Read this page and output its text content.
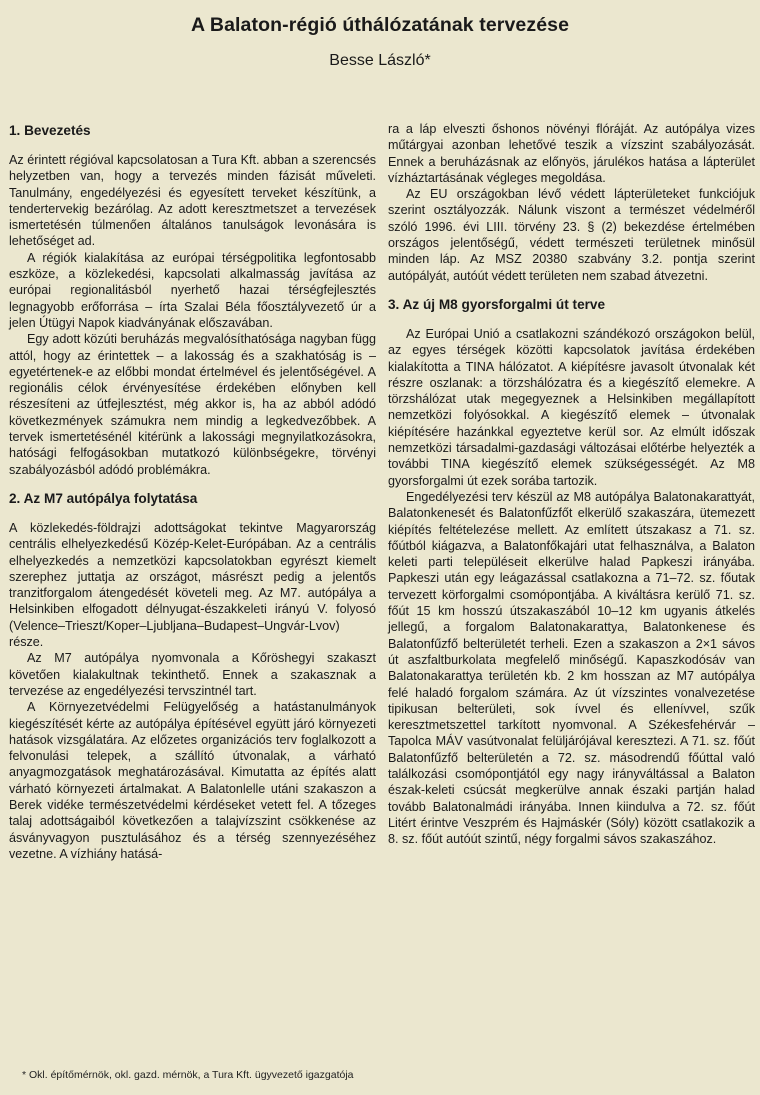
A Balaton-régió úthálózatának tervezése
Besse László*
1. Bevezetés

Az érintett régióval kapcsolatosan a Tura Kft. abban a szerencsés helyzetben van, hogy a tervezés minden fázisát műveleti. Tanulmány, engedélyezési és egyesített terveket készítünk, a tendertervekig bezárólag. Az adott keresztmetszet a tervezések ismertetésén túlmenően általános tanulságok levonására is lehetőséget ad.

A régiók kialakítása az európai térségpolitika legfontosabb eszköze, a közlekedési, kapcsolati alkalmasság javítása az európai regionalitásból nyerhető hazai térségfejlesztés legnagyobb erőforrása – írta Szalai Béla főosztályvezető úr a jelen Útügyi Napok kiadványának előszavában.

Egy adott közúti beruházás megvalósíthatósága nagyban függ attól, hogy az érintettek – a lakosság és a szakhatóság is – egyetértenek-e az előbbi mondat értelmével és jelentőségével. A regionális célok érvényesítése érdekében előnyben kell részesíteni az útfejlesztést, még akkor is, ha az abból adódó következmények számukra nem mindig a legkedvezőbbek. A tervek ismertetésénél kitérünk a lakossági megnyilatkozásokra, hatósági felfogásokban mutatkozó különbségekre, törvényi szabályozásból adódó problémákra.

2. Az M7 autópálya folytatása

A közlekedés-földrajzi adottságokat tekintve Magyarország centrális elhelyezkedésű Közép-Kelet-Európában. Az a centrális elhelyezkedés a nemzetközi kapcsolatokban egyrészt kiemelt szerephez juttatja az országot, másrészt pedig a jelentős tranzitforgalom átengedését követeli meg. Az M7. autópálya a Helsinkiben elfogadott délnyugat-északkeleti irányú V. folyosó (Velence–Trieszt/Koper–Ljubljana–Budapest–Ungvár-Lvov) része.

Az M7 autópálya nyomvonala a Kőröshegyi szakaszt követően kialakultnak tekinthető. Ennek a szakasznak a tervezése az engedélyezési tervszintnél tart.

A Környezetvédelmi Felügyelőség a hatástanulmányok kiegészítését kérte az autópálya építésével együtt járó környezeti hatások vizsgálatára. Az előzetes organizációs terv foglalkozott a felvonulási telepek, a szállító útvonalak, a várható anyagmozgatások meghatározásával. Kimutatta az építés alatt várható környezeti ártalmakat. A Balatonlelle utáni szakaszon a Berek vidéke természetvédelmi kérdéseket vetett fel. A tőzeges talaj adottságaiból következően a talajvízszint csökkenése az ásványvagyon pusztulásához és a térség szennyezéséhez vezetne. A vízhiány hatásá-

ra a láp elveszti őshonos növényi flóráját. Az autópálya vizes műtárgyai azonban lehetővé teszik a vízszint szabályozását. Ennek a beruházásnak az előnyös, járulékos hatása a lápterület vízháztartásának végleges megoldása.

Az EU országokban lévő védett lápterületeket funkciójuk szerint osztályozzák. Nálunk viszont a természet védelméről szóló 1996. évi LIII. törvény 23. § (2) bekezdése értelmében országos jelentőségű, védett természeti területnek minősül minden láp. Az MSZ 20380 szabvány 3.2. pontja szerint autópályát, autóút védett területen nem szabad átvezetni.

3. Az új M8 gyorsforgalmi út terve

Az Európai Unió a csatlakozni szándékozó országokon belül, az egyes térségek közötti kapcsolatok javítása érdekében kialakította a TINA hálózatot. A kiépítésre javasolt útvonalak két részre oszlanak: a törzshálózatra és a kiegészítő elemekre. A törzshálózat utak megegyeznek a Helsinkiben megállapított nemzetközi folyósokkal. A kiegészítő elemek – útvonalak kiépítésére hazánkkal egyeztetve kerül sor. Az elmúlt időszak nemzetközi társadalmi-gazdasági változásai előtérbe helyezték a további TINA kiegészítő elemek szükségességét. Az M8 gyorsforgalmi út ezek sorába tartozik.

Engedélyezési terv készül az M8 autópálya Balatonakarattyát, Balatonkenesét és Balatonfűzfőt elkerülő szakaszára, ütemezett kiépítés feltételezése mellett. Az említett útszakasz a 71. sz. főútból kiágazva, a Balatonfőkajári utat felhasználva, a Balaton keleti parti településeit elkerülve halad Papkeszi irányába. Papkeszi után egy leágazással csatlakozna a 71–72. sz. főutak tervezett körforgalmi csomópontjába. A kiváltásra kerülő 71. sz. főút 15 km hosszú útszakaszából 10–12 km ugyanis átkelés jellegű, a forgalom Balatonakarattya, Balatonkenese és Balatonfűzfő belterületét terheli. Ezen a szakaszon a 2×1 sávos út aszfaltburkolata megfelelő minőségű. Kapaszkodósáv van Balatonakarattya területén kb. 2 km hosszan az M7 autópálya felé haladó forgalom számára. Az út vízszintes vonalvezetése tipikusan belterületi, sok ívvel és ellenívvel, szűk keresztmetszettel tarkított nyomvonal. A Székesfehérvár – Tapolca MÁV vasútvonalat felüljárójával keresztezi. A 71. sz. főút Balatonfűzfő belterületén a 72. sz. másodrendű főúttal való találkozási csomópontjától egy nagy irányváltással a Balaton észak-keleti csúcsát megkerülve annak északi partján halad tovább Balatonalmádi irányába. Innen kiindulva a 72. sz. főút Litért érintve Veszprém és Hajmáskér (Sóly) között csatlakozik a 8. sz. főút autóút szintű, négy forgalmi sávos szakaszához.

* Okl. építőmérnök, okl. gazd. mérnök, a Tura Kft. ügyvezető igazgatója
